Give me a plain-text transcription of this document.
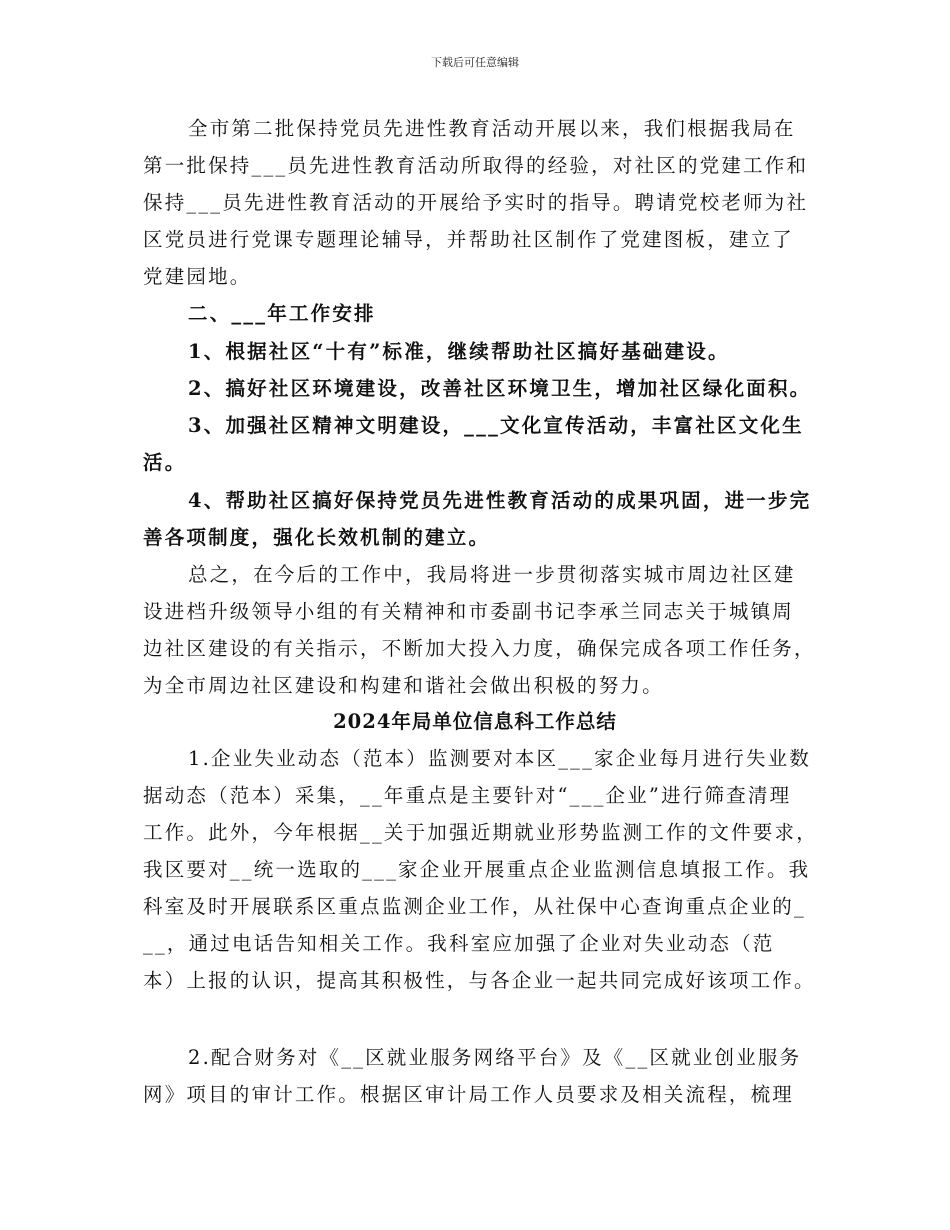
下载后可任意编辑
全市第二批保持党员先进性教育活动开展以来，我们根据我局在
第一批保持___员先进性教育活动所取得的经验，对社区的党建工作和
保持___员先进性教育活动的开展给予实时的指导。聘请党校老师为社
区党员进行党课专题理论辅导，并帮助社区制作了党建图板，建立了
党建园地。
二、___年工作安排
1、根据社区“十有”标准，继续帮助社区搞好基础建设。
2、搞好社区环境建设，改善社区环境卫生，增加社区绿化面积。
3、加强社区精神文明建设，___文化宣传活动，丰富社区文化生
活。
4、帮助社区搞好保持党员先进性教育活动的成果巩固，进一步完
善各项制度，强化长效机制的建立。
总之，在今后的工作中，我局将进一步贯彻落实城市周边社区建
设进档升级领导小组的有关精神和市委副书记李承兰同志关于城镇周
边社区建设的有关指示，不断加大投入力度，确保完成各项工作任务，
为全市周边社区建设和构建和谐社会做出积极的努力。
2024年局单位信息科工作总结
1.企业失业动态（范本）监测要对本区___家企业每月进行失业数
据动态（范本）采集，__年重点是主要针对“___企业”进行筛查清理
工作。此外，今年根据__关于加强近期就业形势监测工作的文件要求，
我区要对__统一选取的___家企业开展重点企业监测信息填报工作。我
科室及时开展联系区重点监测企业工作，从社保中心查询重点企业的_
__，通过电话告知相关工作。我科室应加强了企业对失业动态（范
本）上报的认识，提高其积极性，与各企业一起共同完成好该项工作。
2.配合财务对《__区就业服务网络平台》及《__区就业创业服务
网》项目的审计工作。根据区审计局工作人员要求及相关流程，梳理
